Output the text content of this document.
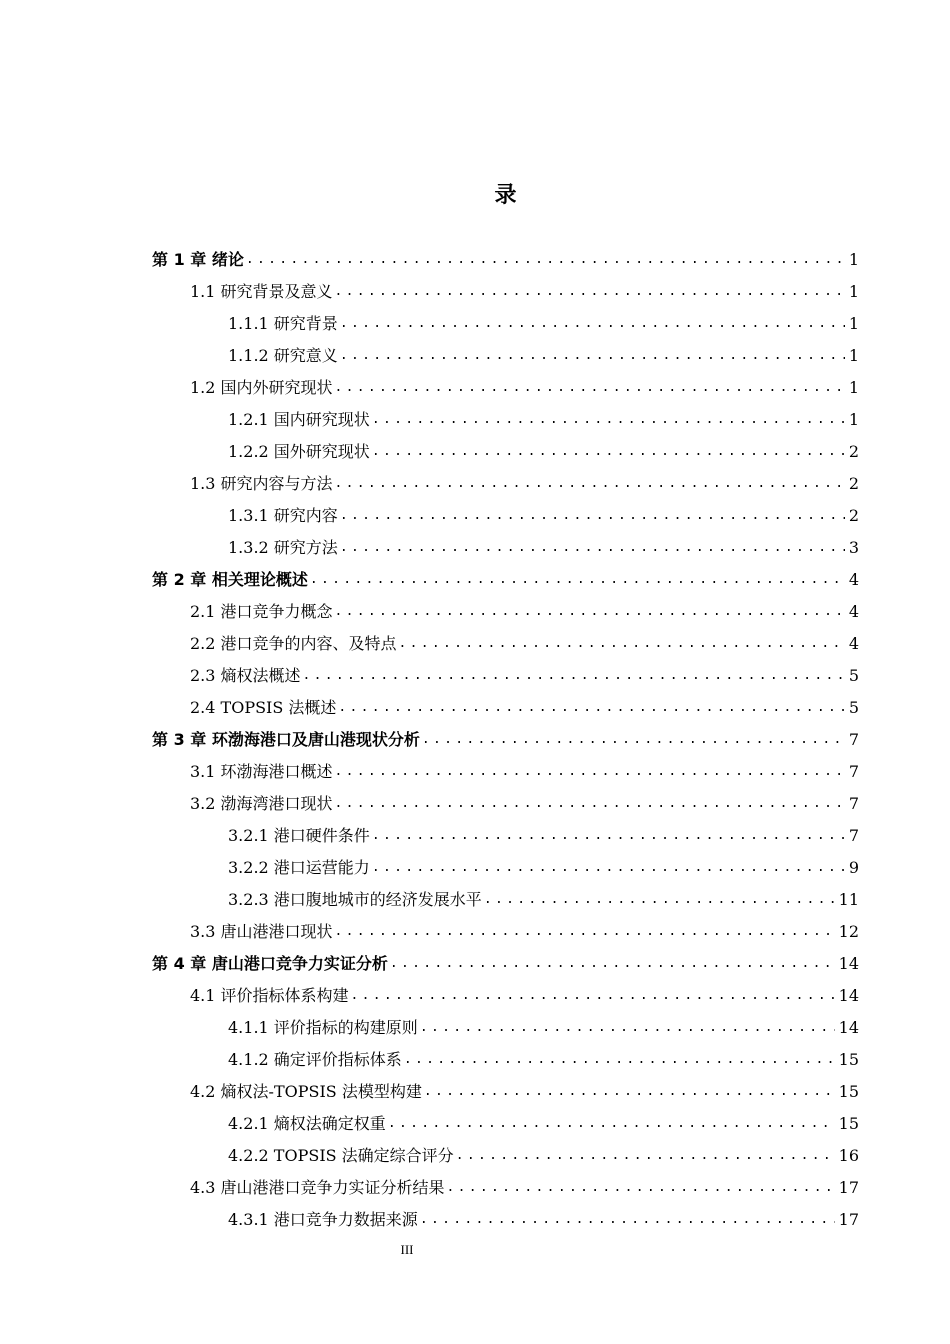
录
第 1 章 绪论 .....	1
1.1 研究背景及意义 .....	1
1.1.1 研究背景 .....	1
1.1.2 研究意义 .....	1
1.2 国内外研究现状 .....	1
1.2.1 国内研究现状 .....	1
1.2.2 国外研究现状 .....	2
1.3 研究内容与方法 .....	2
1.3.1 研究内容 .....	2
1.3.2 研究方法 .....	3
第 2 章 相关理论概述 .....	4
2.1 港口竞争力概念 .....	4
2.2 港口竞争的内容、及特点 .....	4
2.3 熵权法概述 .....	5
2.4 TOPSIS 法概述 .....	5
第 3 章 环渤海港口及唐山港现状分析 .....	7
3.1 环渤海港口概述 .....	7
3.2 渤海湾港口现状 .....	7
3.2.1 港口硬件条件 .....	7
3.2.2 港口运营能力 .....	9
3.2.3 港口腹地城市的经济发展水平 .....	11
3.3 唐山港港口现状 .....	12
第 4 章 唐山港口竞争力实证分析 .....	14
4.1 评价指标体系构建 .....	14
4.1.1 评价指标的构建原则 .....	14
4.1.2 确定评价指标体系 .....	15
4.2 熵权法-TOPSIS 法模型构建 .....	15
4.2.1 熵权法确定权重 .....	15
4.2.2 TOPSIS 法确定综合评分 .....	16
4.3 唐山港港口竞争力实证分析结果 .....	17
4.3.1 港口竞争力数据来源 .....	17
III
